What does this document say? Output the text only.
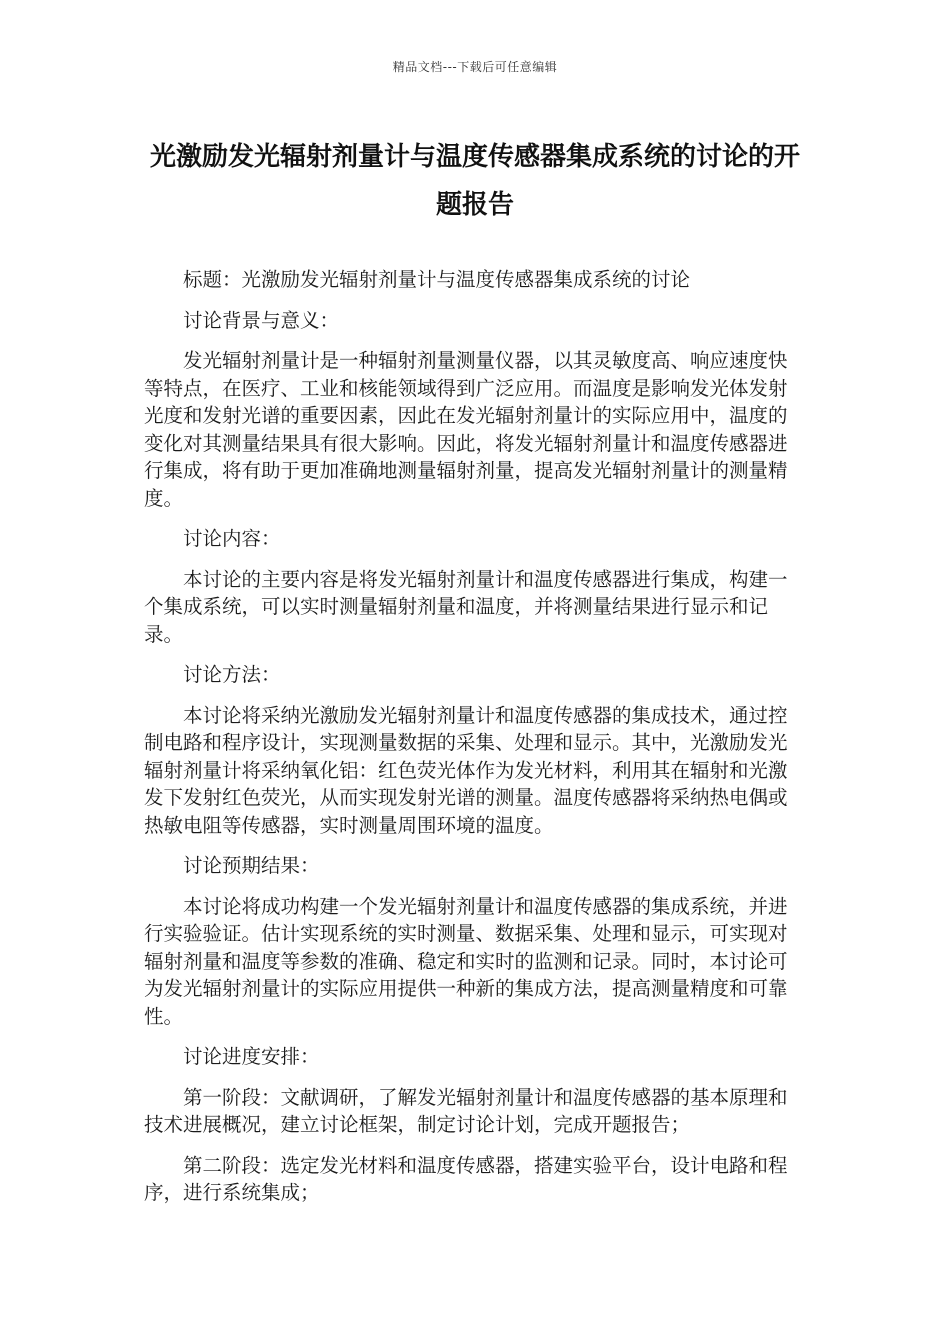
精品文档---下载后可任意编辑
光激励发光辐射剂量计与温度传感器集成系统的讨论的开题报告

标题：光激励发光辐射剂量计与温度传感器集成系统的讨论

讨论背景与意义：

发光辐射剂量计是一种辐射剂量测量仪器，以其灵敏度高、响应速度快等特点，在医疗、工业和核能领域得到广泛应用。而温度是影响发光体发射光度和发射光谱的重要因素，因此在发光辐射剂量计的实际应用中，温度的变化对其测量结果具有很大影响。因此，将发光辐射剂量计和温度传感器进行集成，将有助于更加准确地测量辐射剂量，提高发光辐射剂量计的测量精度。

讨论内容：

本讨论的主要内容是将发光辐射剂量计和温度传感器进行集成，构建一个集成系统，可以实时测量辐射剂量和温度，并将测量结果进行显示和记录。

讨论方法：

本讨论将采纳光激励发光辐射剂量计和温度传感器的集成技术，通过控制电路和程序设计，实现测量数据的采集、处理和显示。其中，光激励发光辐射剂量计将采纳氧化铝：红色荧光体作为发光材料，利用其在辐射和光激发下发射红色荧光，从而实现发射光谱的测量。温度传感器将采纳热电偶或热敏电阻等传感器，实时测量周围环境的温度。

讨论预期结果：

本讨论将成功构建一个发光辐射剂量计和温度传感器的集成系统，并进行实验验证。估计实现系统的实时测量、数据采集、处理和显示，可实现对辐射剂量和温度等参数的准确、稳定和实时的监测和记录。同时，本讨论可为发光辐射剂量计的实际应用提供一种新的集成方法，提高测量精度和可靠性。

讨论进度安排：

第一阶段：文献调研，了解发光辐射剂量计和温度传感器的基本原理和技术进展概况，建立讨论框架，制定讨论计划，完成开题报告；

第二阶段：选定发光材料和温度传感器，搭建实验平台，设计电路和程序，进行系统集成；
